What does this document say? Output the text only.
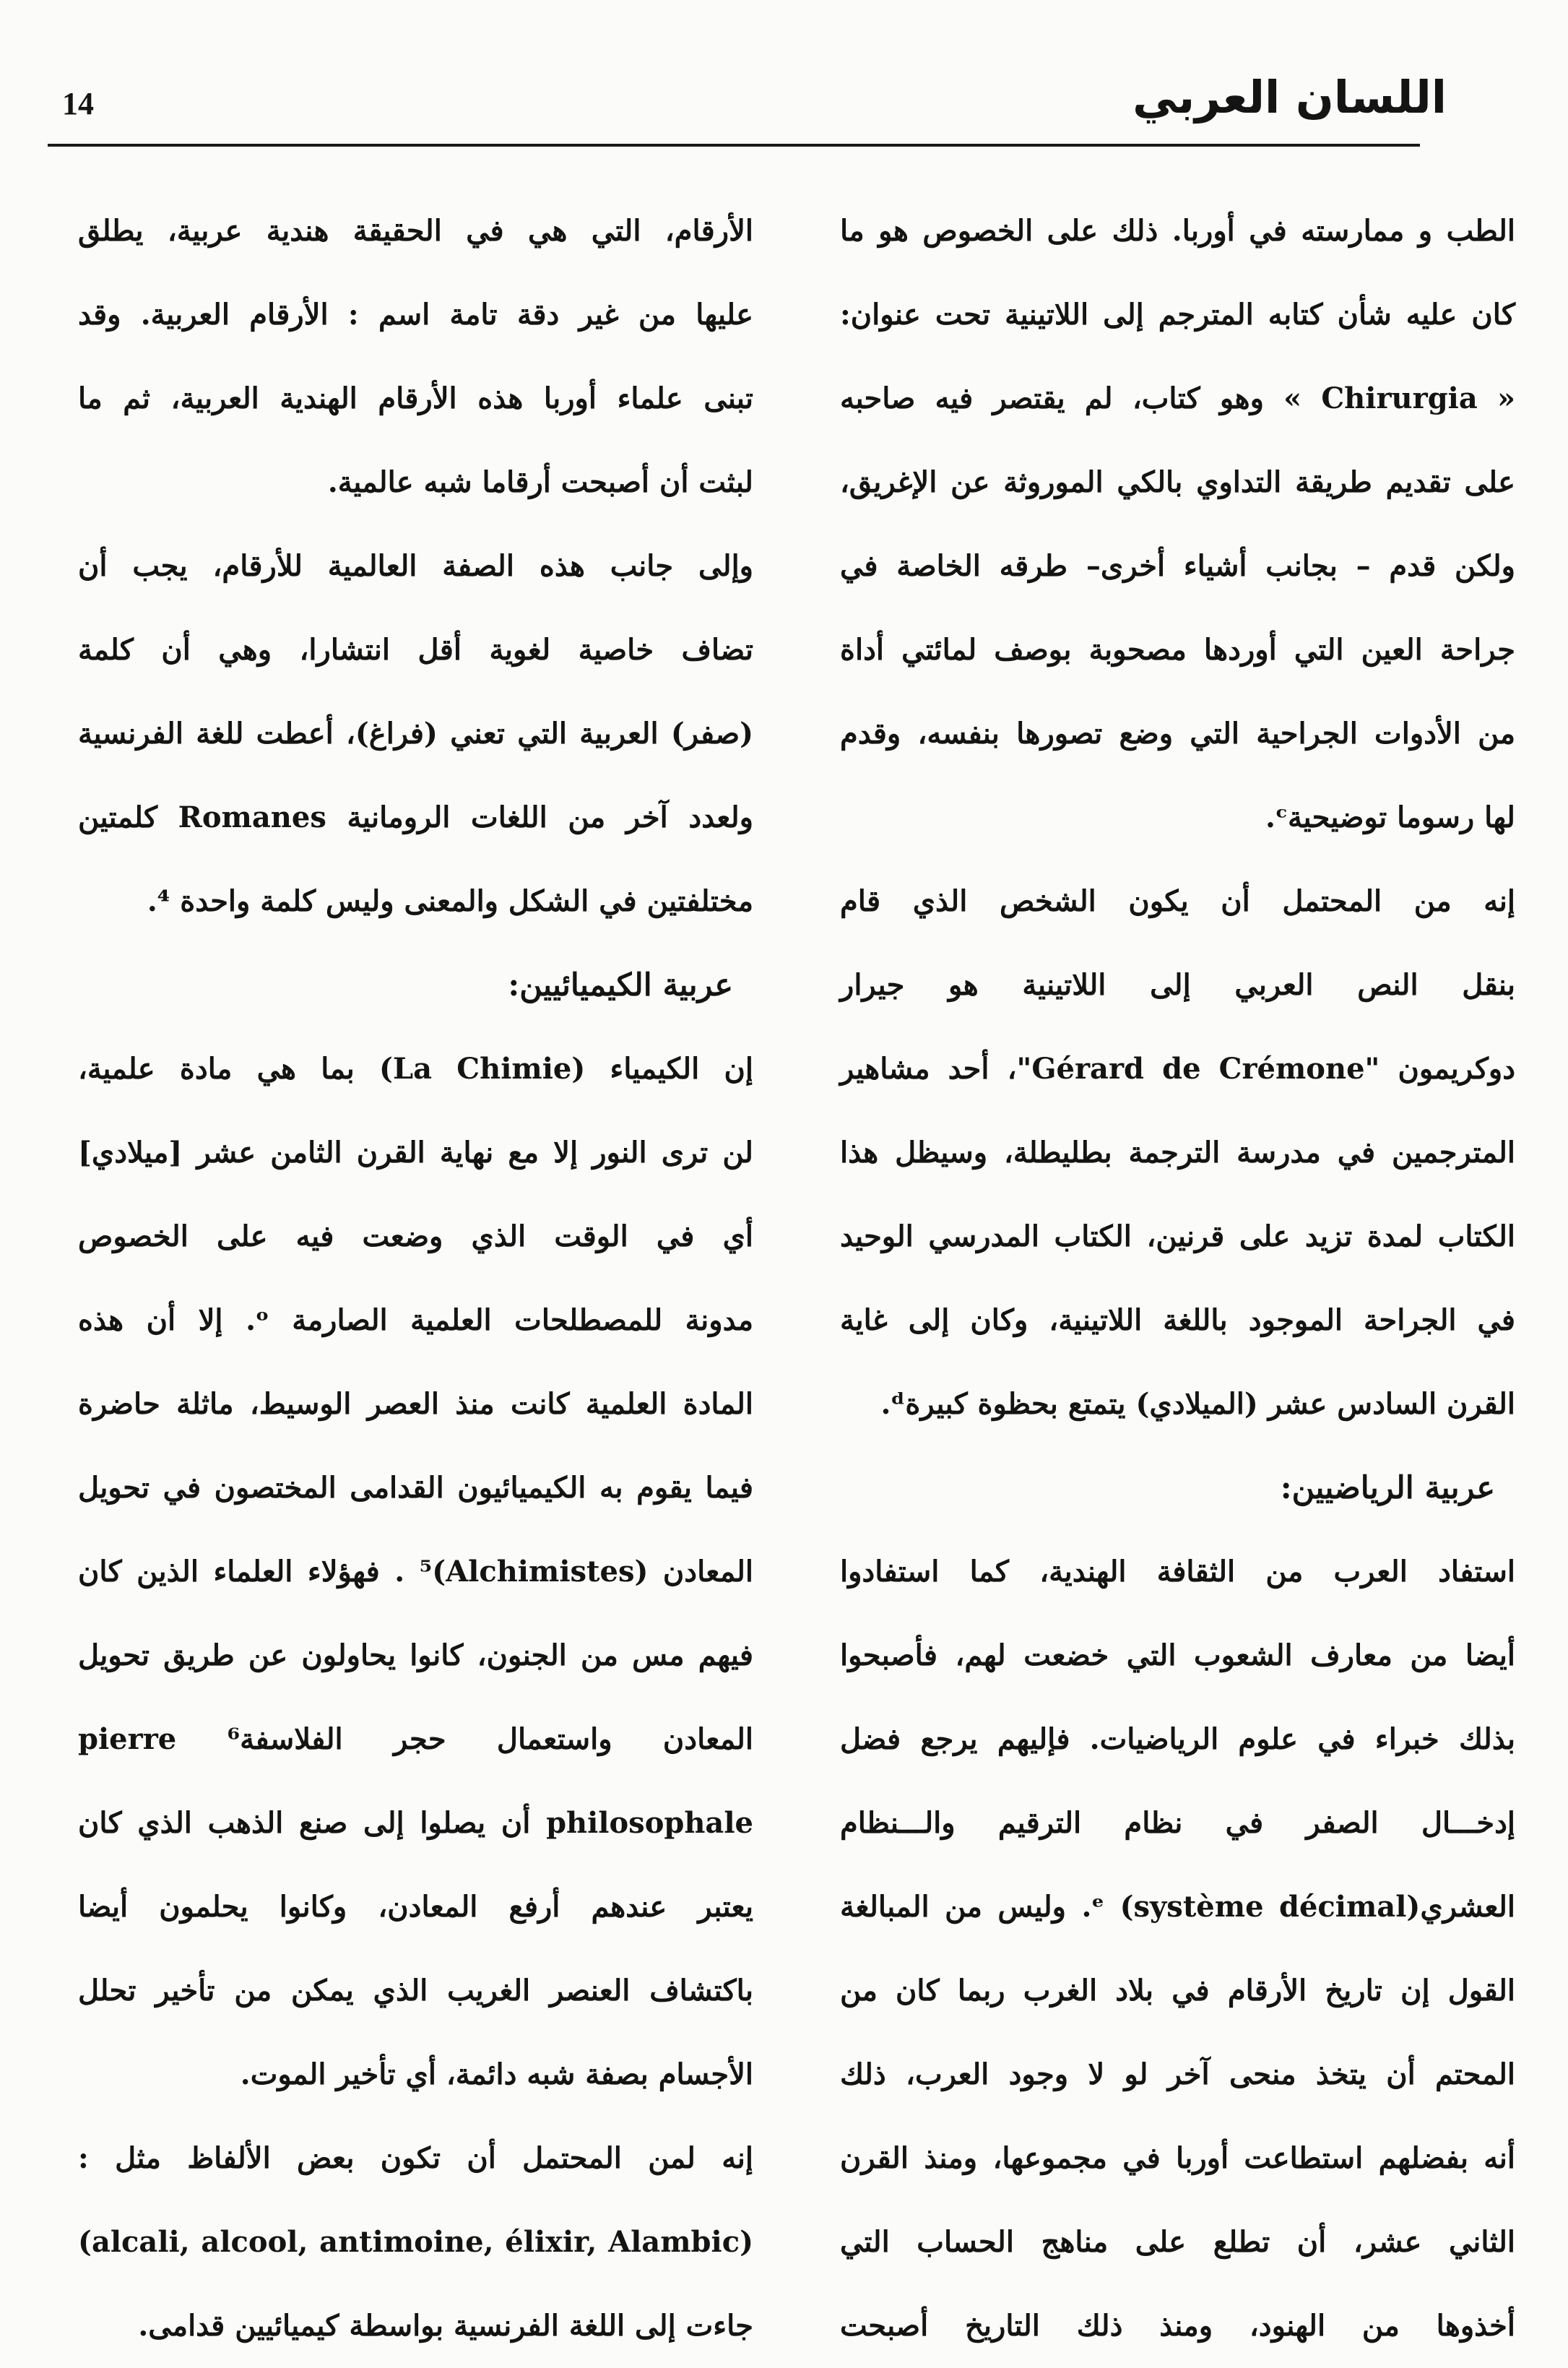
14	اللسان العربي
الطب و ممارسته في أوربا. ذلك على الخصوص هو ما
كان عليه شأن كتابه المترجم إلى اللاتينية تحت عنوان:
« Chirurgia » وهو كتاب، لم يقتصر فيه صاحبه
على تقديم طريقة التداوي بالكي الموروثة عن الإغريق،
ولكن قدم – بجانب أشياء أخرى– طرقه الخاصة في
جراحة العين التي أوردها مصحوبة بوصف لمائتي أداة
من الأدوات الجراحية التي وضع تصورها بنفسه، وقدم
لها رسوما توضيحيةᶜ.
إنه من المحتمل أن يكون الشخص الذي قام
بنقل النص العربي إلى اللاتينية هو جيرار
دوكريمون "Gérard de Crémone"، أحد مشاهير
المترجمين في مدرسة الترجمة بطليطلة، وسيظل هذا
الكتاب لمدة تزيد على قرنين، الكتاب المدرسي الوحيد
في الجراحة الموجود باللغة اللاتينية، وكان إلى غاية
القرن السادس عشر (الميلادي) يتمتع بحظوة كبيرةᵈ.
عربية الرياضيين:
استفاد العرب من الثقافة الهندية، كما استفادوا
أيضا من معارف الشعوب التي خضعت لهم، فأصبحوا
بذلك خبراء في علوم الرياضيات. فإليهم يرجع فضل
إدخـــال الصفر في نظام الترقيم والـــنظام
العشريᵉ (système décimal). وليس من المبالغة
القول إن تاريخ الأرقام في بلاد الغرب ربما كان من
المحتم أن يتخذ منحى آخر لو لا وجود العرب، ذلك
أنه بفضلهم استطاعت أوربا في مجموعها، ومنذ القرن
الثاني عشر، أن تطلع على مناهج الحساب التي
أخذوها من الهنود، ومنذ ذلك التاريخ أصبحت
الأرقام، التي هي في الحقيقة هندية عربية، يطلق
عليها من غير دقة تامة اسم : الأرقام العربية. وقد
تبنى علماء أوربا هذه الأرقام الهندية العربية، ثم ما
لبثت أن أصبحت أرقاما شبه عالمية.
وإلى جانب هذه الصفة العالمية للأرقام، يجب أن
تضاف خاصية لغوية أقل انتشارا، وهي أن كلمة
(صفر) العربية التي تعني (فراغ)، أعطت للغة الفرنسية
ولعدد آخر من اللغات الرومانية Romanes كلمتين
مختلفتين في الشكل والمعنى وليس كلمة واحدة ⁴.
عربية الكيميائيين:
إن الكيمياء (La Chimie) بما هي مادة علمية،
لن ترى النور إلا مع نهاية القرن الثامن عشر [ميلادي]
أي في الوقت الذي وضعت فيه على الخصوص
مدونة للمصطلحات العلمية الصارمة ᵒ. إلا أن هذه
المادة العلمية كانت منذ العصر الوسيط، ماثلة حاضرة
فيما يقوم به الكيميائيون القدامى المختصون في تحويل
المعادن (Alchimistes)⁵ . فهؤلاء العلماء الذين كان
فيهم مس من الجنون، كانوا يحاولون عن طريق تحويل
المعادن واستعمال حجر الفلاسفة⁶ pierre
philosophale أن يصلوا إلى صنع الذهب الذي كان
يعتبر عندهم أرفع المعادن، وكانوا يحلمون أيضا
باكتشاف العنصر الغريب الذي يمكن من تأخير تحلل
الأجسام بصفة شبه دائمة، أي تأخير الموت.
إنه لمن المحتمل أن تكون بعض الألفاظ مثل :
(alcali, alcool, antimoine, élixir, Alambic)
جاءت إلى اللغة الفرنسية بواسطة كيميائيين قدامى.
